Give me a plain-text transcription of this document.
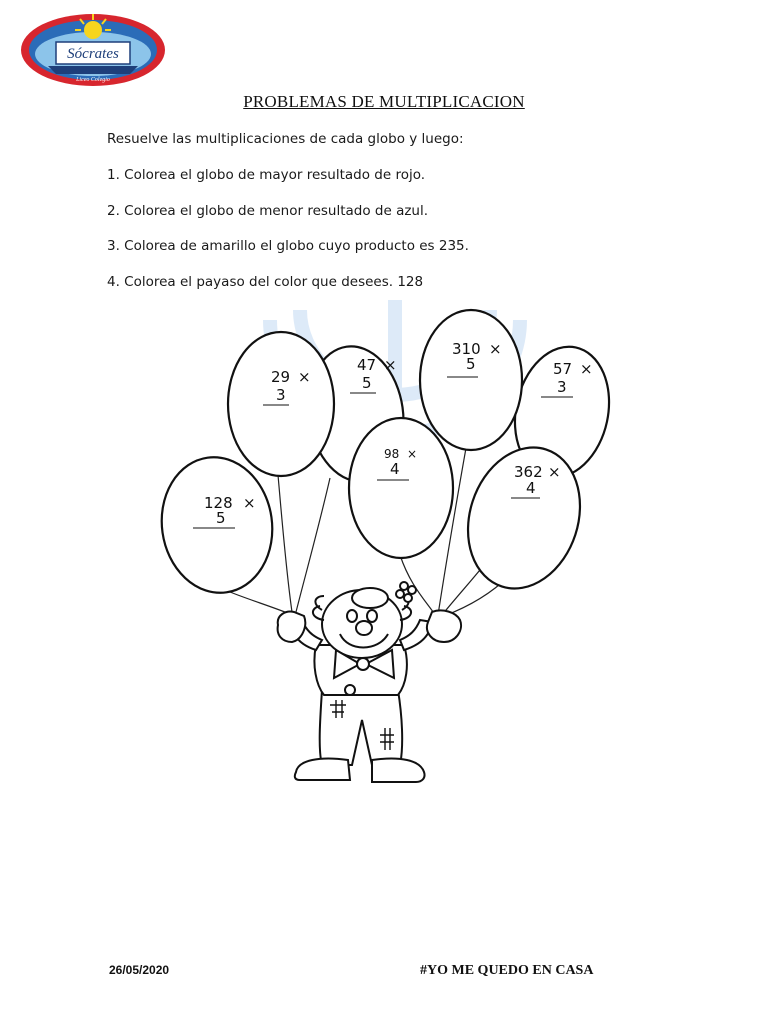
Sócrates
Liceo Colegio
PROBLEMAS DE MULTIPLICACION
Resuelve las multiplicaciones de cada globo y luego:
1. Colorea el globo de mayor resultado de rojo.
2. Colorea el globo de menor resultado de azul.
3. Colorea de amarillo el globo cuyo producto es 235.
4. Colorea el payaso del color que desees. 128
29 ×
3
47 ×
5
310 ×
5	57 ×
3
98 ×
4	362 ×
4
128 ×
5
26/05/2020	#YO ME QUEDO EN CASA
